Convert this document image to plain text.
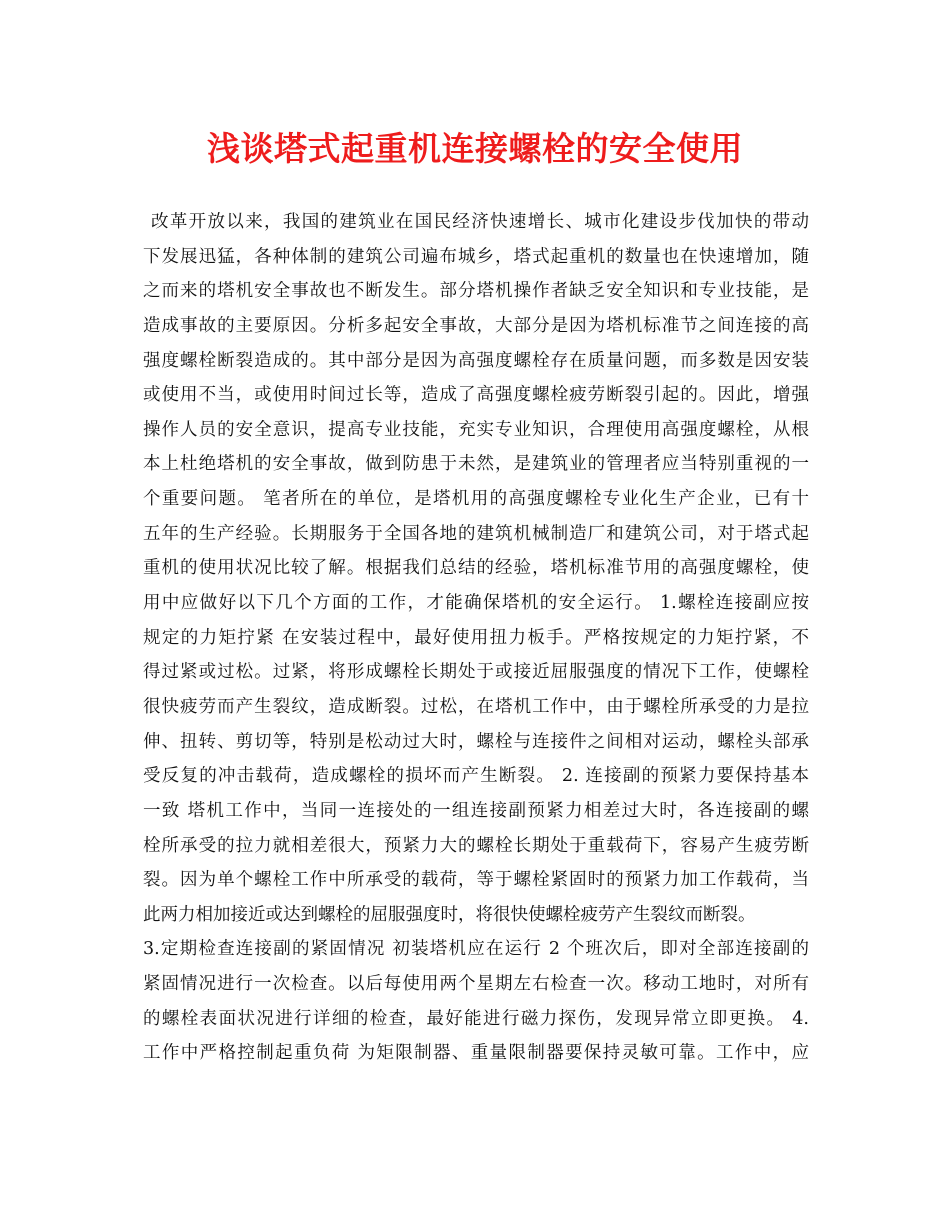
浅谈塔式起重机连接螺栓的安全使用
改革开放以来，我国的建筑业在国民经济快速增长、城市化建设步伐加快的带动
下发展迅猛，各种体制的建筑公司遍布城乡，塔式起重机的数量也在快速增加，随
之而来的塔机安全事故也不断发生。部分塔机操作者缺乏安全知识和专业技能，是
造成事故的主要原因。分析多起安全事故，大部分是因为塔机标准节之间连接的高
强度螺栓断裂造成的。其中部分是因为高强度螺栓存在质量问题，而多数是因安装
或使用不当，或使用时间过长等，造成了高强度螺栓疲劳断裂引起的。因此，增强
操作人员的安全意识，提高专业技能，充实专业知识，合理使用高强度螺栓，从根
本上杜绝塔机的安全事故，做到防患于未然，是建筑业的管理者应当特别重视的一
个重要问题。 笔者所在的单位，是塔机用的高强度螺栓专业化生产企业，已有十
五年的生产经验。长期服务于全国各地的建筑机械制造厂和建筑公司，对于塔式起
重机的使用状况比较了解。根据我们总结的经验，塔机标准节用的高强度螺栓，使
用中应做好以下几个方面的工作，才能确保塔机的安全运行。 1.螺栓连接副应按
规定的力矩拧紧 在安装过程中，最好使用扭力板手。严格按规定的力矩拧紧，不
得过紧或过松。过紧，将形成螺栓长期处于或接近屈服强度的情况下工作，使螺栓
很快疲劳而产生裂纹，造成断裂。过松，在塔机工作中，由于螺栓所承受的力是拉
伸、扭转、剪切等，特别是松动过大时，螺栓与连接件之间相对运动，螺栓头部承
受反复的冲击载荷，造成螺栓的损坏而产生断裂。 2. 连接副的预紧力要保持基本
一致 塔机工作中，当同一连接处的一组连接副预紧力相差过大时，各连接副的螺
栓所承受的拉力就相差很大，预紧力大的螺栓长期处于重载荷下，容易产生疲劳断
裂。因为单个螺栓工作中所承受的载荷，等于螺栓紧固时的预紧力加工作载荷，当
此两力相加接近或达到螺栓的屈服强度时，将很快使螺栓疲劳产生裂纹而断裂。
3.定期检查连接副的紧固情况 初装塔机应在运行 2 个班次后，即对全部连接副的
紧固情况进行一次检查。以后每使用两个星期左右检查一次。移动工地时，对所有
的螺栓表面状况进行详细的检查，最好能进行磁力探伤，发现异常立即更换。 4.
工作中严格控制起重负荷 为矩限制器、重量限制器要保持灵敏可靠。工作中，应
